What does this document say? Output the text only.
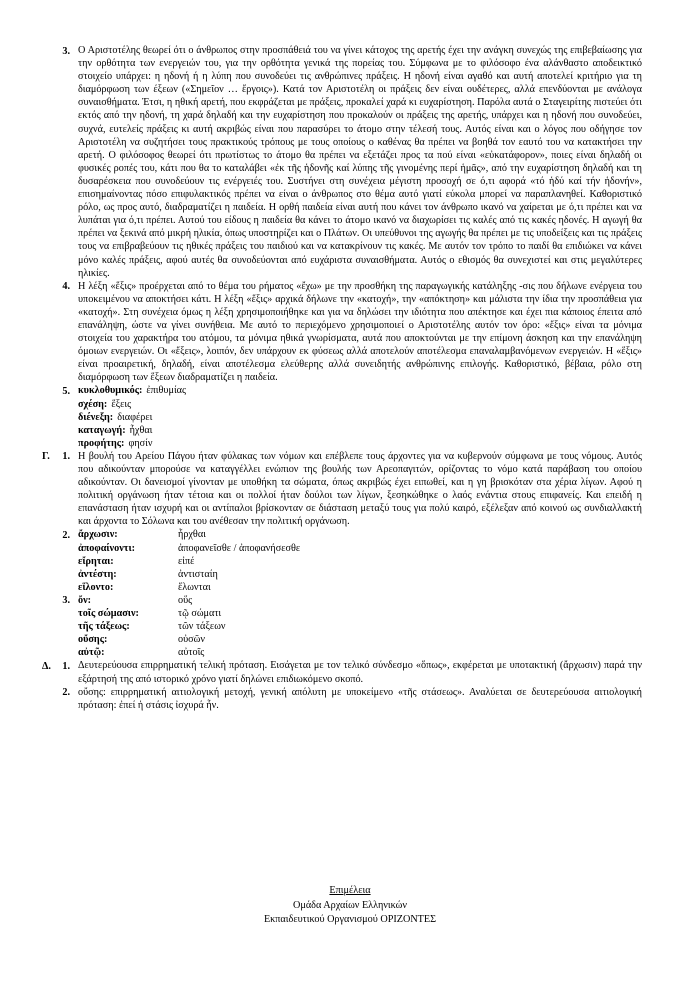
3. Ο Αριστοτέλης θεωρεί ότι ο άνθρωπος στην προσπάθειά του να γίνει κάτοχος της αρετής έχει την ανάγκη συνεχώς της επιβεβαίωσης για την ορθότητα των ενεργειών του, για την ορθότητα γενικά της πορείας του. Σύμφωνα με το φιλόσοφο ένα αλάνθαστο αποδεικτικό στοιχείο υπάρχει: η ηδονή ή η λύπη που συνοδεύει τις ανθρώπινες πράξεις. Η ηδονή είναι αγαθό και αυτή αποτελεί κριτήριο για τη διαμόρφωση των έξεων («Σημεῖον … ἔργοις»). Κατά τον Αριστοτέλη οι πράξεις δεν είναι ουδέτερες, αλλά επενδύονται με ανάλογα συναισθήματα. Έτσι, η ηθική αρετή, που εκφράζεται με πράξεις, προκαλεί χαρά κι ευχαρίστηση. Παρόλα αυτά ο Σταγειρίτης πιστεύει ότι εκτός από την ηδονή, τη χαρά δηλαδή και την ευχαρίστηση που προκαλούν οι πράξεις της αρετής, υπάρχει και η ηδονή που συνοδεύει, συχνά, ευτελείς πράξεις κι αυτή ακριβώς είναι που παρασύρει το άτομο στην τέλεσή τους. Αυτός είναι και ο λόγος που οδήγησε τον Αριστοτέλη να συζητήσει τους πρακτικούς τρόπους με τους οποίους ο καθένας θα πρέπει να βοηθά τον εαυτό του να κατακτήσει την αρετή. Ο φιλόσοφος θεωρεί ότι πρωτίστως το άτομο θα πρέπει να εξετάζει προς τα πού είναι «εὐκατάφορον», ποιες είναι δηλαδή οι φυσικές ροπές του, κάτι που θα το καταλάβει «ἐκ τῆς ἡδονῆς καί λύπης τῆς γινομένης περί ἡμᾶς», από την ευχαρίστηση δηλαδή και τη δυσαρέσκεια που συνοδεύουν τις ενέργειές του. Συστήνει στη συνέχεια μέγιστη προσοχή σε ό,τι αφορά «τό ἡδύ καί τήν ἡδονήν», επισημαίνοντας πόσο επιφυλακτικός πρέπει να είναι ο άνθρωπος στο θέμα αυτό γιατί εύκολα μπορεί να παραπλανηθεί. Καθοριστικό ρόλο, ως προς αυτό, διαδραματίζει η παιδεία. Η ορθή παιδεία είναι αυτή που κάνει τον άνθρωπο ικανό να χαίρεται με ό,τι πρέπει και να λυπάται για ό,τι πρέπει. Αυτού του είδους η παιδεία θα κάνει το άτομο ικανό να διαχωρίσει τις καλές από τις κακές ηδονές. Η αγωγή θα πρέπει να ξεκινά από μικρή ηλικία, όπως υποστηρίζει και ο Πλάτων. Οι υπεύθυνοι της αγωγής θα πρέπει με τις υποδείξεις και τις πράξεις τους να επιβραβεύουν τις ηθικές πράξεις του παιδιού και να κατακρίνουν τις κακές. Με αυτόν τον τρόπο το παιδί θα επιδιώκει να κάνει μόνο καλές πράξεις, αφού αυτές θα συνοδεύονται από ευχάριστα συναισθήματα. Αυτός ο εθισμός θα συνεχιστεί και στις μεγαλύτερες ηλικίες.

4. Η λέξη «ἕξις» προέρχεται από το θέμα του ρήματος «ἔχω» με την προσθήκη της παραγωγικής κατάληξης -σις που δήλωνε ενέργεια του υποκειμένου να αποκτήσει κάτι. Η λέξη «ἕξις» αρχικά δήλωνε την «κατοχή», την «απόκτηση» και μάλιστα την ίδια την προσπάθεια για «κατοχή». Στη συνέχεια όμως η λέξη χρησιμοποιήθηκε και για να δηλώσει την ιδιότητα που απέκτησε και έχει πια κάποιος έπειτα από επανάληψη, ώστε να γίνει συνήθεια. Με αυτό το περιεχόμενο χρησιμοποιεί ο Αριστοτέλης αυτόν τον όρο: «ἕξις» είναι τα μόνιμα στοιχεία του χαρακτήρα του ατόμου, τα μόνιμα ηθικά γνωρίσματα, αυτά που αποκτούνται με την επίμονη άσκηση και την επανάληψη όμοιων ενεργειών. Οι «ἕξεις», λοιπόν, δεν υπάρχουν εκ φύσεως αλλά αποτελούν αποτέλεσμα επαναλαμβανόμενων ενεργειών. Η «ἕξις» είναι προαιρετική, δηλαδή, είναι αποτέλεσμα ελεύθερης αλλά συνειδητής ανθρώπινης επιλογής. Καθοριστικό, βέβαια, ρόλο στη διαμόρφωση των ἕξεων διαδραματίζει η παιδεία.

5. κυκλοθυμικός: ἐπιθυμίας
σχέση: ἕξεις
διένεξη: διαφέρει
καταγωγή: ἦχθαι
προφήτης: φησίν
Γ.	1. Η βουλή του Αρείου Πάγου ήταν φύλακας των νόμων και επέβλεπε τους άρχοντες για να κυβερνούν σύμφωνα με τους νόμους. Αυτός που αδικούνταν μπορούσε να καταγγέλλει ενώπιον της βουλής των Αρεοπαγιτών, ορίζοντας το νόμο κατά παράβαση του οποίου αδικούνταν. Οι δανεισμοί γίνονταν με υποθήκη τα σώματα, όπως ακριβώς έχει ειπωθεί, και η γη βρισκόταν στα χέρια λίγων. Αφού η πολιτική οργάνωση ήταν τέτοια και οι πολλοί ήταν δούλοι των λίγων, ξεσηκώθηκε ο λαός ενάντια στους επιφανείς. Και επειδή η επανάσταση ήταν ισχυρή και οι αντίπαλοι βρίσκονταν σε διάσταση μεταξύ τους για πολύ καιρό, εξέλεξαν από κοινού ως συνδιαλλακτή και άρχοντα το Σόλωνα και του ανέθεσαν την πολιτική οργάνωση.

2. ἄρχωσιν:	ἦρχθαι
ἀποφαίνοντι:	ἀποφανεῖσθε / ἀποφανήσεσθε
εἴρηται:	εἰπέ
ἀντέστη:	ἀντισταίη
εἵλοντο:	ἕλωνται
3. ὄν:	οὕς
τοῖς σώμασιν:	τῷ σώματι
τῆς τάξεως:	τῶν τάξεων
οὔσης:	οὐσῶν
αὐτῷ:	αὐτοῖς
Δ.	1. Δευτερεύουσα επιρρηματική τελική πρόταση. Εισάγεται με τον τελικό σύνδεσμο «ὅπως», εκφέρεται με υποτακτική (ἄρχωσιν) παρά την εξάρτησή της από ιστορικό χρόνο γιατί δηλώνει επιδιωκόμενο σκοπό.

2. οὔσης: επιρρηματική αιτιολογική μετοχή, γενική απόλυτη με υποκείμενο «τῆς στάσεως». Αναλύεται σε δευτερεύουσα αιτιολογική πρόταση: ἐπεί ἡ στάσις ἰσχυρά ἦν.

Επιμέλεια
Ομάδα Αρχαίων Ελληνικών
Εκπαιδευτικού Οργανισμού ΟΡΙΖΟΝΤΕΣ
